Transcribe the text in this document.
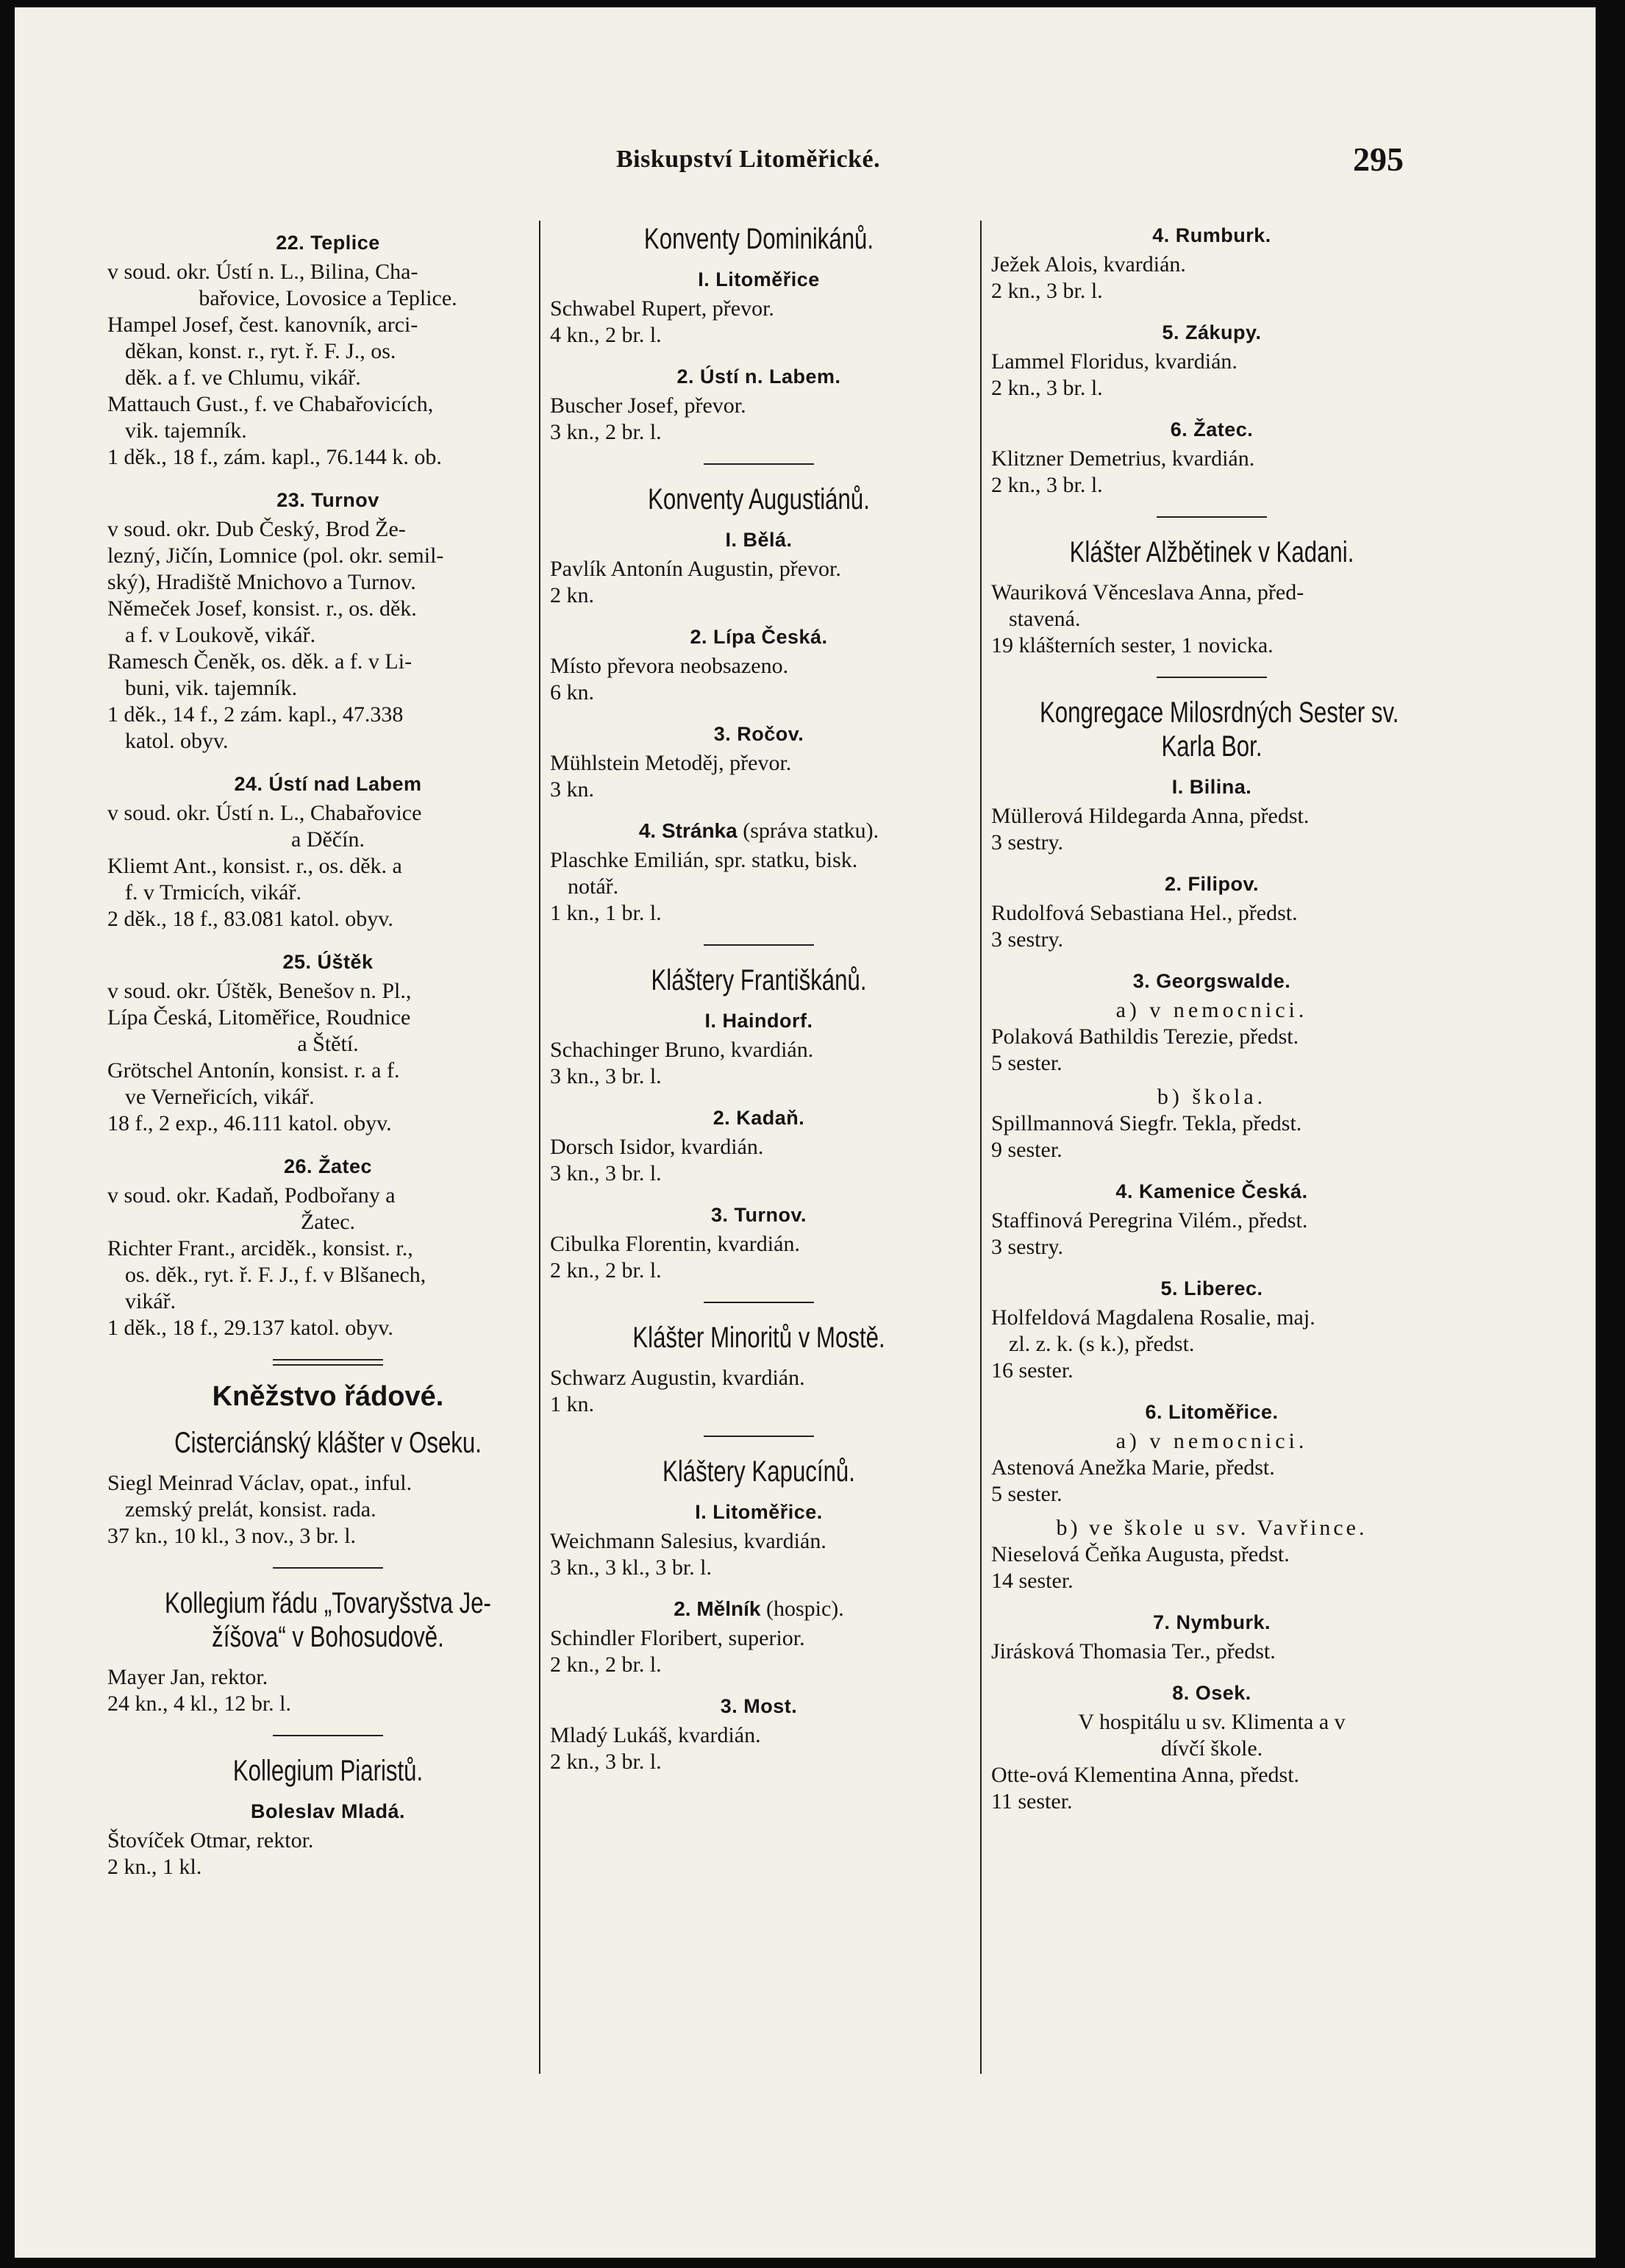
Biskupství Litoměřické.	295
22. Teplice

v soud. okr. Ústí n. L., Bilina, Cha-

bařovice, Lovosice a Teplice.

Hampel Josef, čest. kanovník, arci-

děkan, konst. r., ryt. ř. F. J., os.

děk. a f. ve Chlumu, vikář.

Mattauch Gust., f. ve Chabařovicích,

vik. tajemník.

1 děk., 18 f., zám. kapl., 76.144 k. ob.

23. Turnov

v soud. okr. Dub Český, Brod Že-

lezný, Jičín, Lomnice (pol. okr. semil-

ský), Hradiště Mnichovo a Turnov.

Němeček Josef, konsist. r., os. děk.

a f. v Loukově, vikář.

Ramesch Čeněk, os. děk. a f. v Li-

buni, vik. tajemník.

1 děk., 14 f., 2 zám. kapl., 47.338

katol. obyv.

24. Ústí nad Labem

v soud. okr. Ústí n. L., Chabařovice

a Děčín.

Kliemt Ant., konsist. r., os. děk. a

f. v Trmicích, vikář.

2 děk., 18 f., 83.081 katol. obyv.

25. Úštěk

v soud. okr. Úštěk, Benešov n. Pl.,

Lípa Česká, Litoměřice, Roudnice

a Štětí.

Grötschel Antonín, konsist. r. a f.

ve Verneřicích, vikář.

18 f., 2 exp., 46.111 katol. obyv.

26. Žatec

v soud. okr. Kadaň, Podbořany a

Žatec.

Richter Frant., arciděk., konsist. r.,

os. děk., ryt. ř. F. J., f. v Blšanech,

vikář.

1 děk., 18 f., 29.137 katol. obyv.

Kněžstvo řádové.
Cisterciánský klášter v Oseku.

Siegl Meinrad Václav, opat., inful.

zemský prelát, konsist. rada.

37 kn., 10 kl., 3 nov., 3 br. l.

Kollegium řádu „Tovaryšstva Je-
žíšova“ v Bohosudově.

Mayer Jan, rektor.

24 kn., 4 kl., 12 br. l.

Kollegium Piaristů.
Boleslav Mladá.

Štovíček Otmar, rektor.

2 kn., 1 kl.

Konventy Dominikánů.
I. Litoměřice

Schwabel Rupert, převor.

4 kn., 2 br. l.

2. Ústí n. Labem.

Buscher Josef, převor.

3 kn., 2 br. l.

Konventy Augustiánů.
I. Bělá.

Pavlík Antonín Augustin, převor.

2 kn.

2. Lípa Česká.

Místo převora neobsazeno.

6 kn.

3. Ročov.

Mühlstein Metoděj, převor.

3 kn.

4. Stránka (správa statku).

Plaschke Emilián, spr. statku, bisk.

notář.

1 kn., 1 br. l.

Kláštery Františkánů.
I. Haindorf.

Schachinger Bruno, kvardián.

3 kn., 3 br. l.

2. Kadaň.

Dorsch Isidor, kvardián.

3 kn., 3 br. l.

3. Turnov.

Cibulka Florentin, kvardián.

2 kn., 2 br. l.

Klášter Minoritů v Mostě.

Schwarz Augustin, kvardián.

1 kn.

Kláštery Kapucínů.
I. Litoměřice.

Weichmann Salesius, kvardián.

3 kn., 3 kl., 3 br. l.

2. Mělník (hospic).

Schindler Floribert, superior.

2 kn., 2 br. l.

3. Most.

Mladý Lukáš, kvardián.

2 kn., 3 br. l.

4. Rumburk.

Ježek Alois, kvardián.

2 kn., 3 br. l.

5. Zákupy.

Lammel Floridus, kvardián.

2 kn., 3 br. l.

6. Žatec.

Klitzner Demetrius, kvardián.

2 kn., 3 br. l.

Klášter Alžbětinek v Kadani.

Wauriková Věnceslava Anna, před-

stavená.

19 klášterních sester, 1 novicka.

Kongregace Milosrdných Sester sv.
Karla Bor.
I. Bilina.

Müllerová Hildegarda Anna, předst.

3 sestry.

2. Filipov.

Rudolfová Sebastiana Hel., předst.

3 sestry.

3. Georgswalde.

a) v nemocnici.

Polaková Bathildis Terezie, předst.

5 sester.

b) škola.

Spillmannová Siegfr. Tekla, předst.

9 sester.

4. Kamenice Česká.

Staffinová Peregrina Vilém., předst.

3 sestry.

5. Liberec.

Holfeldová Magdalena Rosalie, maj.

zl. z. k. (s k.), předst.

16 sester.

6. Litoměřice.

a) v nemocnici.

Astenová Anežka Marie, předst.

5 sester.

b) ve škole u sv. Vavřince.

Nieselová Čeňka Augusta, předst.

14 sester.

7. Nymburk.

Jirásková Thomasia Ter., předst.

8. Osek.

V hospitálu u sv. Klimenta a v

dívčí škole.

Otte-ová Klementina Anna, předst.

11 sester.
